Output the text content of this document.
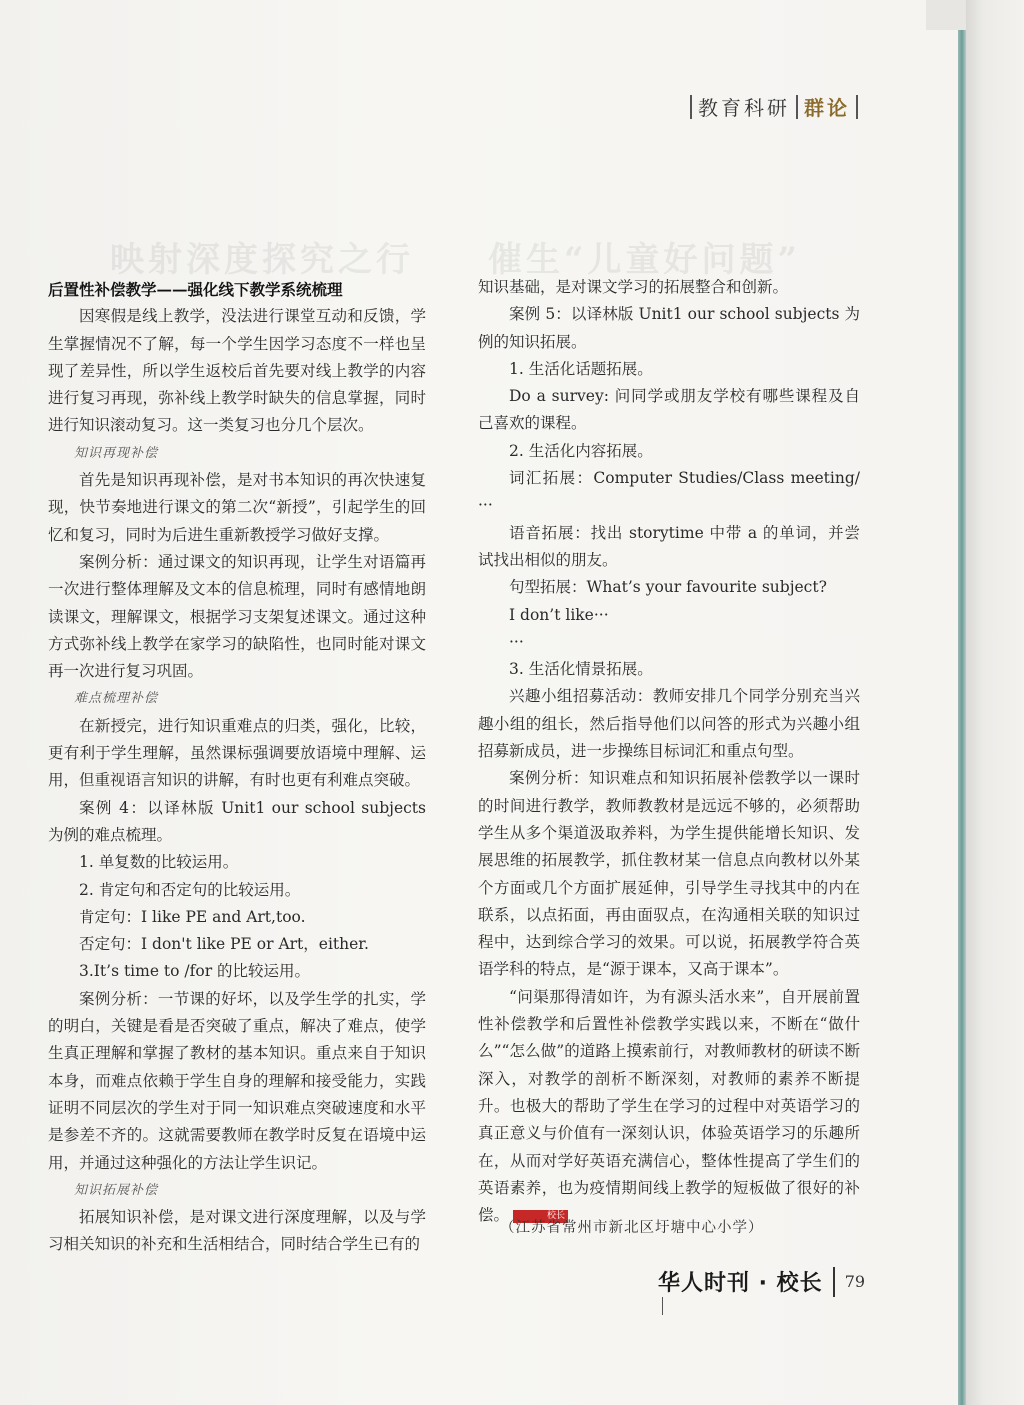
映射深度探究之行 催生“儿童好问题”
教育科研 群论

后置性补偿教学——强化线下教学系统梳理

因寒假是线上教学，没法进行课堂互动和反馈，学生掌握情况不了解，每一个学生因学习态度不一样也呈现了差异性，所以学生返校后首先要对线上教学的内容进行复习再现，弥补线上教学时缺失的信息掌握，同时进行知识滚动复习。这一类复习也分几个层次。

知识再现补偿

首先是知识再现补偿，是对书本知识的再次快速复现，快节奏地进行课文的第二次“新授”，引起学生的回忆和复习，同时为后进生重新教授学习做好支撑。

案例分析：通过课文的知识再现，让学生对语篇再一次进行整体理解及文本的信息梳理，同时有感情地朗读课文，理解课文，根据学习支架复述课文。通过这种方式弥补线上教学在家学习的缺陷性，也同时能对课文再一次进行复习巩固。

难点梳理补偿

在新授完，进行知识重难点的归类，强化，比较，更有利于学生理解，虽然课标强调要放语境中理解、运用，但重视语言知识的讲解，有时也更有利难点突破。

案例 4：以译林版 Unit1 our school subjects 为例的难点梳理。

1. 单复数的比较运用。

2. 肯定句和否定句的比较运用。

肯定句：I like PE and Art,too.

否定句：I don't like PE or Art，either.

3.It’s time to /for 的比较运用。

案例分析：一节课的好坏，以及学生学的扎实，学的明白，关键是看是否突破了重点，解决了难点，使学生真正理解和掌握了教材的基本知识。重点来自于知识本身，而难点依赖于学生自身的理解和接受能力，实践证明不同层次的学生对于同一知识难点突破速度和水平是参差不齐的。这就需要教师在教学时反复在语境中运用，并通过这种强化的方法让学生识记。

知识拓展补偿

拓展知识补偿，是对课文进行深度理解，以及与学习相关知识的补充和生活相结合，同时结合学生已有的

知识基础，是对课文学习的拓展整合和创新。

案例 5：以译林版 Unit1 our school subjects 为例的知识拓展。

1. 生活化话题拓展。

Do a survey: 问同学或朋友学校有哪些课程及自己喜欢的课程。

2. 生活化内容拓展。

词汇拓展：Computer Studies/Class meeting/···

语音拓展：找出 storytime 中带 a 的单词，并尝试找出相似的朋友。

句型拓展：What’s your favourite subject?

I don’t like···

···

3. 生活化情景拓展。

兴趣小组招募活动：教师安排几个同学分别充当兴趣小组的组长，然后指导他们以问答的形式为兴趣小组招募新成员，进一步操练目标词汇和重点句型。

案例分析：知识难点和知识拓展补偿教学以一课时的时间进行教学，教师教教材是远远不够的，必须帮助学生从多个渠道汲取养料，为学生提供能增长知识、发展思维的拓展教学，抓住教材某一信息点向教材以外某个方面或几个方面扩展延伸，引导学生寻找其中的内在联系，以点拓面，再由面驭点，在沟通相关联的知识过程中，达到综合学习的效果。可以说，拓展教学符合英语学科的特点，是“源于课本，又高于课本”。

“问渠那得清如许，为有源头活水来”，自开展前置性补偿教学和后置性补偿教学实践以来，不断在“做什么”“怎么做”的道路上摸索前行，对教师教材的研读不断深入，对教学的剖析不断深刻，对教师的素养不断提升。也极大的帮助了学生在学习的过程中对英语学习的真正意义与价值有一深刻认识，体验英语学习的乐趣所在，从而对学好英语充满信心，整体性提高了学生们的英语素养，也为疫情期间线上教学的短板做了很好的补偿。	校长

（江苏省常州市新北区圩塘中心小学）
华人时刊 · 校长 79
